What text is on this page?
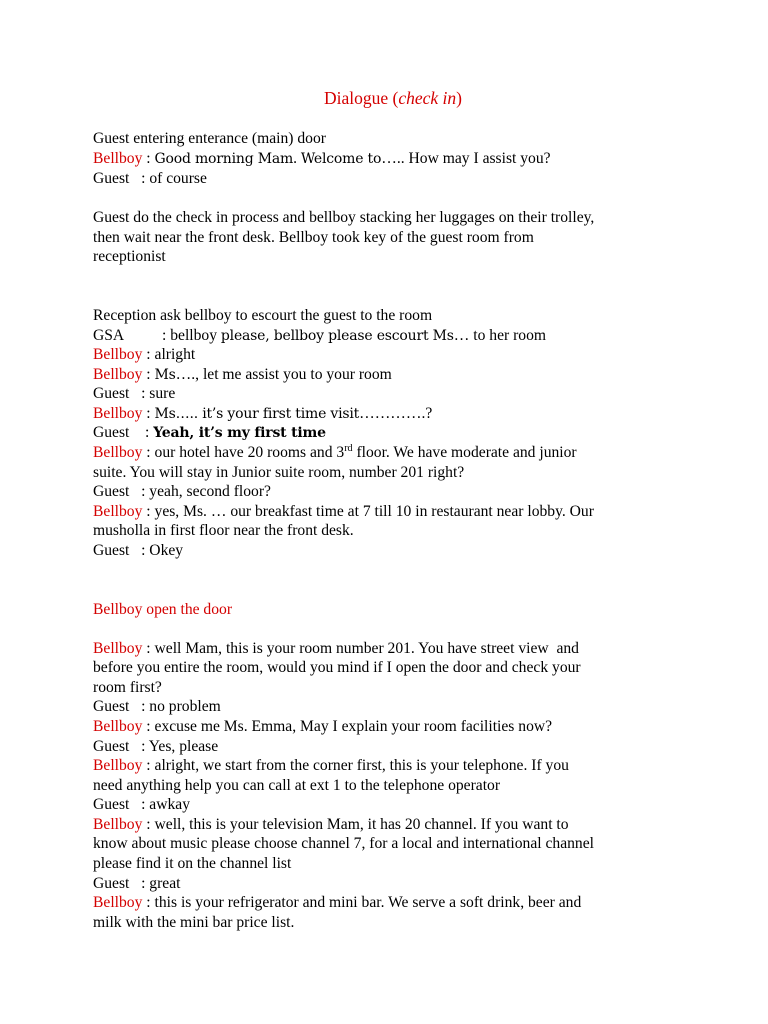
Dialogue (check in)
Guest entering enterance (main) door
Bellboy : Good morning Mam. Welcome to….. How may I assist you?
Guest   : of course
Guest do the check in process and bellboy stacking her luggages on their trolley,
then wait near the front desk. Bellboy took key of the guest room from
receptionist
Reception ask bellboy to escourt the guest to the room
GSA : bellboy please, bellboy please escourt Ms… to her room
Bellboy : alright
Bellboy : Ms…., let me assist you to your room
Guest   : sure
Bellboy : Ms….. it’s your first time visit………….?
Guest    : Yeah, it’s my first time
Bellboy : our hotel have 20 rooms and 3rd floor. We have moderate and junior
suite. You will stay in Junior suite room, number 201 right?
Guest   : yeah, second floor?
Bellboy : yes, Ms. … our breakfast time at 7 till 10 in restaurant near lobby. Our
musholla in first floor near the front desk.
Guest   : Okey
Bellboy open the door
Bellboy : well Mam, this is your room number 201. You have street view  and
before you entire the room, would you mind if I open the door and check your
room first?
Guest   : no problem
Bellboy : excuse me Ms. Emma, May I explain your room facilities now?
Guest   : Yes, please
Bellboy : alright, we start from the corner first, this is your telephone. If you
need anything help you can call at ext 1 to the telephone operator
Guest   : awkay
Bellboy : well, this is your television Mam, it has 20 channel. If you want to
know about music please choose channel 7, for a local and international channel
please find it on the channel list
Guest   : great
Bellboy : this is your refrigerator and mini bar. We serve a soft drink, beer and
milk with the mini bar price list.
